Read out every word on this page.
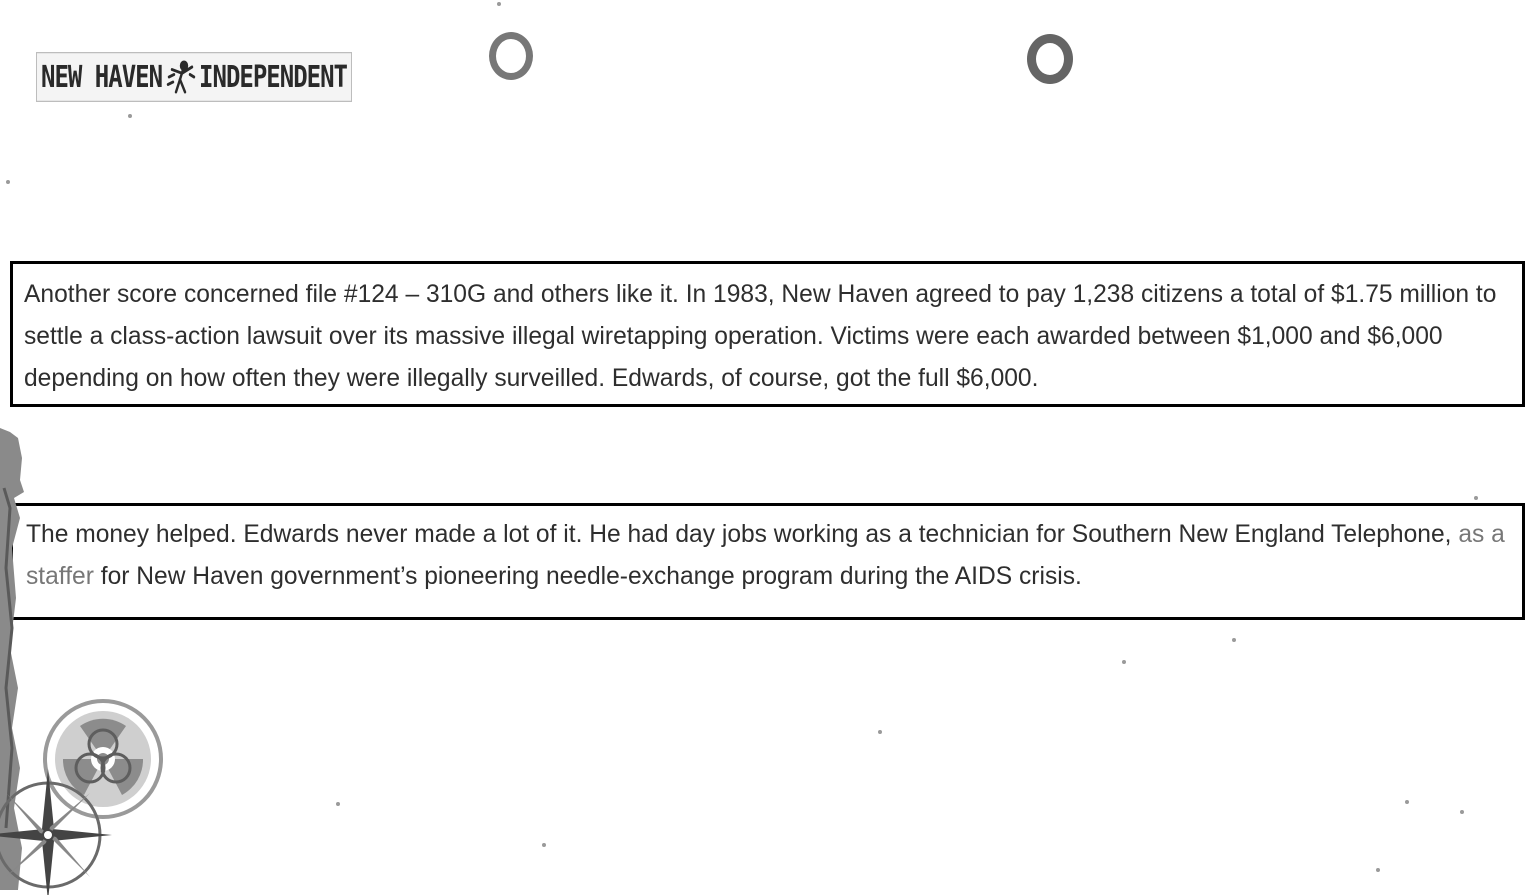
NEW HAVEN INDEPENDENT

Another score concerned file #124 – 310G and others like it. In 1983, New Haven agreed to pay 1,238 citizens a total of $1.75 million to settle a class-action lawsuit over its massive illegal wiretapping operation. Victims were each awarded between $1,000 and $6,000 depending on how often they were illegally surveilled. Edwards, of course, got the full $6,000.

The money helped. Edwards never made a lot of it. He had day jobs working as a technician for Southern New England Telephone, as a staffer for New Haven government’s pioneering needle-exchange program during the AIDS crisis.
